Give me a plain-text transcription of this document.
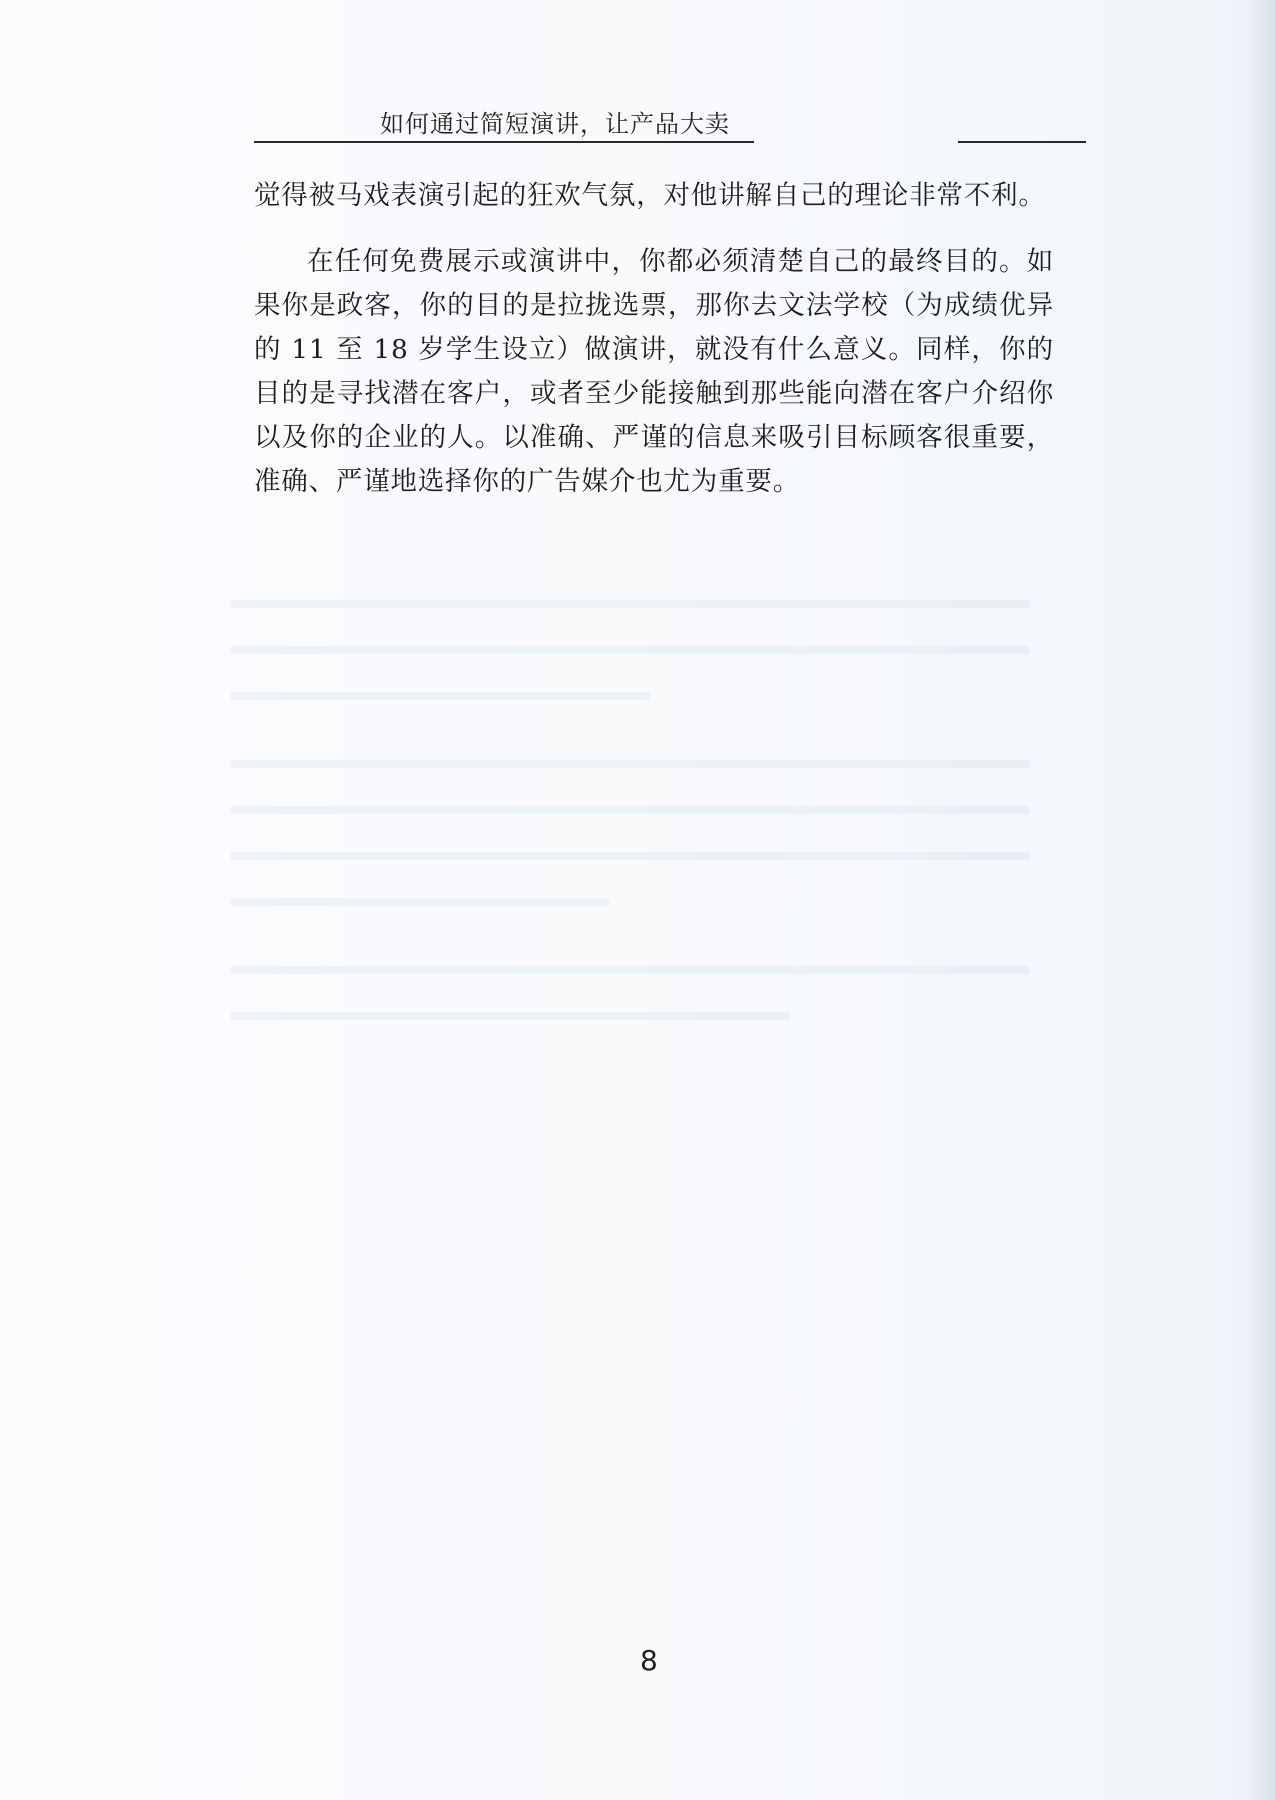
如何通过简短演讲，让产品大卖

觉得被马戏表演引起的狂欢气氛，对他讲解自己的理论非常不利。

在任何免费展示或演讲中，你都必须清楚自己的最终目的。如果你是政客，你的目的是拉拢选票，那你去文法学校（为成绩优异的 11 至 18 岁学生设立）做演讲，就没有什么意义。同样，你的目的是寻找潜在客户，或者至少能接触到那些能向潜在客户介绍你以及你的企业的人。以准确、严谨的信息来吸引目标顾客很重要，准确、严谨地选择你的广告媒介也尤为重要。

8
